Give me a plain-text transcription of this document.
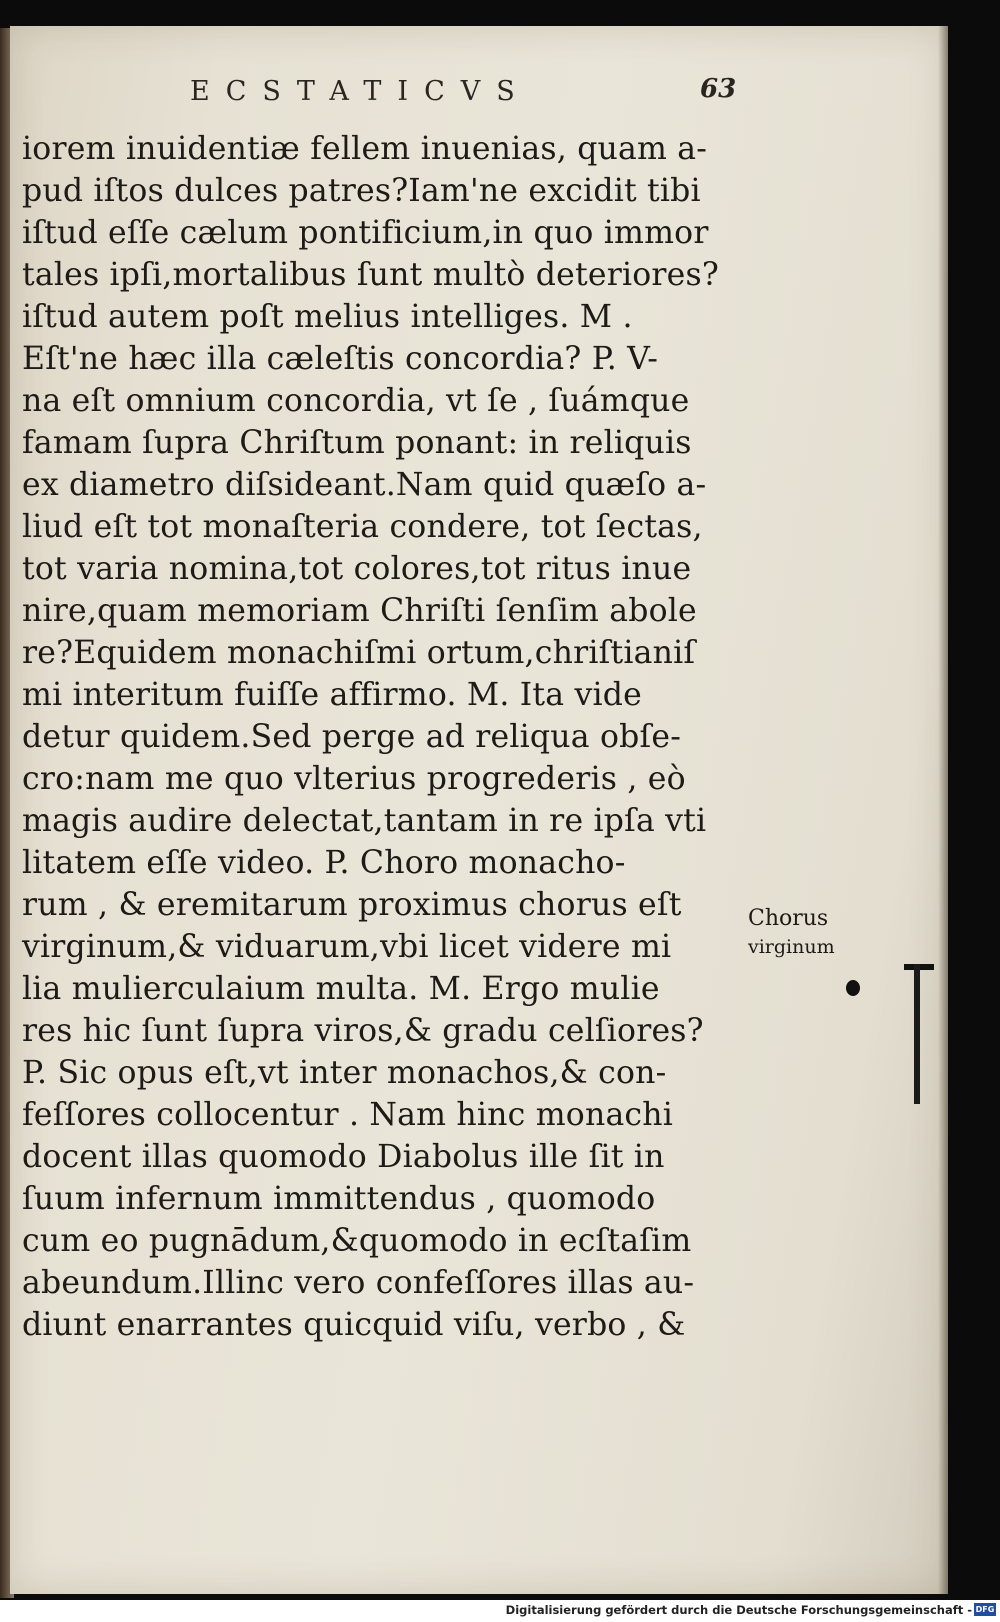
ECSTATICVS	63
iorem inuidentiæ fellem inuenias, quam a-
pud iſtos dulces patres?Iam'ne excidit tibi
iſtud eſſe cælum pontificium,in quo immor
tales ipſi,mortalibus ſunt multò deteriores?
iſtud autem poſt melius intelliges. M .
Eſt'ne hæc illa cæleſtis concordia? P. V-
na eſt omnium concordia, vt ſe , ſuámque
famam ſupra Chriſtum ponant: in reliquis
ex diametro diſsideant.Nam quid quæſo a-
liud eſt tot monaſteria condere, tot ſectas,
tot varia nomina,tot colores,tot ritus inue
nire,quam memoriam Chriſti ſenſim abole
re?Equidem monachiſmi ortum,chriſtianiſ
mi interitum fuiſſe affirmo. M. Ita vide
detur quidem.Sed perge ad reliqua obſe-
cro:nam me quo vlterius progrederis , eò
magis audire delectat,tantam in re ipſa vti
litatem eſſe video. P. Choro monacho-
rum , & eremitarum proximus chorus eſt
virginum,& viduarum,vbi licet videre mi
lia mulierculaium multa. M. Ergo mulie
res hic ſunt ſupra viros,& gradu celſiores?
P. Sic opus eſt,vt inter monachos,& con-
feſſores collocentur . Nam hinc monachi
docent illas quomodo Diabolus ille ſit in
ſuum infernum immittendus , quomodo
cum eo pugnādum,&quomodo in ecſtaſim
abeundum.Illinc vero confeſſores illas au-
diunt enarrantes quicquid viſu, verbo , &
Chorus
virginum
Digitalisierung gefördert durch die Deutsche Forschungsgemeinschaft - DFG
